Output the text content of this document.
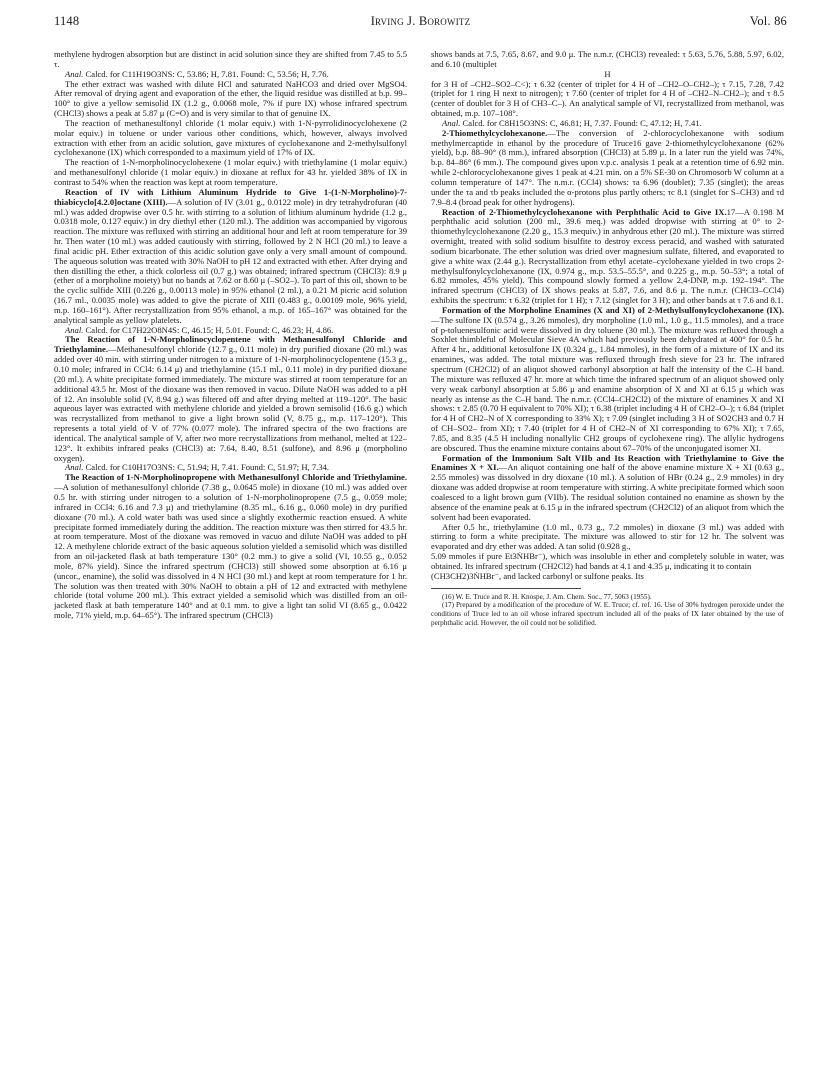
1148	Irving J. Borowitz	Vol. 86

methylene hydrogen absorption but are distinct in acid solution since they are shifted from 7.45 to 5.5 τ.

Anal. Calcd. for C11H19O3NS: C, 53.86; H, 7.81. Found: C, 53.56; H, 7.76.

The ether extract was washed with dilute HCl and saturated NaHCO3 and dried over MgSO4. After removal of drying agent and evaporation of the ether, the liquid residue was distilled at b.p. 99–100° to give a yellow semisolid IX (1.2 g., 0.0068 mole, 7% if pure IX) whose infrared spectrum (CHCl3) shows a peak at 5.87 μ (C=O) and is very similar to that of genuine IX.

The reaction of methanesulfonyl chloride (1 molar equiv.) with 1-N-pyrrolidinocyclohexene (2 molar equiv.) in toluene or under various other conditions, which, however, always involved extraction with ether from an acidic solution, gave mixtures of cyclohexanone and 2-methylsulfonyl cyclohexanone (IX) which corresponded to a maximum yield of 17% of IX.

The reaction of 1-N-morpholinocyclohexene (1 molar equiv.) with triethylamine (1 molar equiv.) and methanesulfonyl chloride (1 molar equiv.) in dioxane at reflux for 43 hr. yielded 38% of IX in contrast to 54% when the reaction was kept at room temperature.

Reaction of IV with Lithium Aluminum Hydride to Give 1-(1-N-Morpholino)-7-thiabicyclo[4.2.0]octane (XIII).—A solution of IV (3.01 g., 0.0122 mole) in dry tetrahydrofuran (40 ml.) was added dropwise over 0.5 hr. with stirring to a solution of lithium aluminum hydride (1.2 g., 0.0318 mole, 0.127 equiv.) in dry diethyl ether (120 ml.). The addition was accompanied by vigorous reaction. The mixture was refluxed with stirring an additional hour and left at room temperature for 39 hr. Then water (10 ml.) was added cautiously with stirring, followed by 2 N HCl (20 ml.) to leave a final acidic pH. Ether extraction of this acidic solution gave only a very small amount of compound. The aqueous solution was treated with 30% NaOH to pH 12 and extracted with ether. After drying and then distilling the ether, a thick colorless oil (0.7 g.) was obtained; infrared spectrum (CHCl3): 8.9 μ (ether of a morpholine moiety) but no bands at 7.62 or 8.60 μ (–SO2–). To part of this oil, shown to be the cyclic sulfide XIII (0.226 g., 0.00113 mole) in 95% ethanol (2 ml.), a 0.21 M picric acid solution (16.7 ml., 0.0035 mole) was added to give the picrate of XIII (0.483 g., 0.00109 mole, 96% yield, m.p. 160–161°). After recrystallization from 95% ethanol, a m.p. of 165–167° was obtained for the analytical sample as yellow platelets.

Anal. Calcd. for C17H22O8N4S: C, 46.15; H, 5.01. Found: C, 46.23; H, 4.86.

The Reaction of 1-N-Morpholinocyclopentene with Methanesulfonyl Chloride and Triethylamine.—Methanesulfonyl chloride (12.7 g., 0.11 mole) in dry purified dioxane (20 ml.) was added over 40 min. with stirring under nitrogen to a mixture of 1-N-morpholinocyclopentene (15.3 g., 0.10 mole; infrared in CCl4: 6.14 μ) and triethylamine (15.1 ml., 0.11 mole) in dry purified dioxane (20 ml.). A white precipitate formed immediately. The mixture was stirred at room temperature for an additional 43.5 hr. Most of the dioxane was then removed in vacuo. Dilute NaOH was added to a pH of 12. An insoluble solid (V, 8.94 g.) was filtered off and after drying melted at 119–120°. The basic aqueous layer was extracted with methylene chloride and yielded a brown semisolid (16.6 g.) which was recrystallized from methanol to give a light brown solid (V, 8.75 g., m.p. 117–120°). This represents a total yield of V of 77% (0.077 mole). The infrared spectra of the two fractions are identical. The analytical sample of V, after two more recrystallizations from methanol, melted at 122–123°. It exhibits infrared peaks (CHCl3) at: 7.64, 8.40, 8.51 (sulfone), and 8.96 μ (morpholino oxygen).

Anal. Calcd. for C10H17O3NS: C, 51.94; H, 7.41. Found: C, 51.97; H, 7.34.

The Reaction of 1-N-Morpholinopropene with Methanesulfonyl Chloride and Triethylamine.—A solution of methanesulfonyl chloride (7.38 g., 0.0645 mole) in dioxane (10 ml.) was added over 0.5 hr. with stirring under nitrogen to a solution of 1-N-morpholinopropene (7.5 g., 0.059 mole; infrared in CCl4: 6.16 and 7.3 μ) and triethylamine (8.35 ml., 6.16 g., 0.060 mole) in dry purified dioxane (70 ml.). A cold water bath was used since a slightly exothermic reaction ensued. A white precipitate formed immediately during the addition. The reaction mixture was then stirred for 43.5 hr. at room temperature. Most of the dioxane was removed in vacuo and dilute NaOH was added to pH 12. A methylene chloride extract of the basic aqueous solution yielded a semisolid which was distilled from an oil-jacketed flask at bath temperature 130° (0.2 mm.) to give a solid (VI, 10.55 g., 0.052 mole, 87% yield). Since the infrared spectrum (CHCl3) still showed some absorption at 6.16 μ (uncor., enamine), the solid was dissolved in 4 N HCl (30 ml.) and kept at room temperature for 1 hr. The solution was then treated with 30% NaOH to obtain a pH of 12 and extracted with methylene chloride (total volume 200 ml.). This extract yielded a semisolid which was distilled from an oil-jacketed flask at bath temperature 140° and at 0.1 mm. to give a light tan solid VI (8.65 g., 0.0422 mole, 71% yield, m.p. 64–65°). The infrared spectrum (CHCl3)

shows bands at 7.5, 7.65, 8.67, and 9.0 μ. The n.m.r. (CHCl3) revealed: τ 5.63, 5.76, 5.88, 5.97, 6.02, and 6.10 (multiplet

H

for 3 H of –CH2–SO2–C<); τ 6.32 (center of triplet for 4 H of –CH2–O–CH2–); τ 7.15, 7.28, 7.42 (triplet for 1 ring H next to nitrogen); τ 7.60 (center of triplet for 4 H of –CH2–N–CH2–); and τ 8.5 (center of doublet for 3 H of CH3–C–). An analytical sample of VI, recrystallized from methanol, was obtained, m.p. 107–108°.

Anal. Calcd. for C8H15O3NS: C, 46.81; H, 7.37. Found: C, 47.12; H, 7.41.

2-Thiomethylcyclohexanone.—The conversion of 2-chlorocyclohexanone with sodium methylmercaptide in ethanol by the procedure of Truce16 gave 2-thiomethylcyclohexanone (62% yield), b.p. 88–90° (8 mm.), infrared absorption (CHCl3) at 5.89 μ. In a later run the yield was 74%, b.p. 84–86° (6 mm.). The compound gives upon v.p.c. analysis 1 peak at a retention time of 6.92 min. while 2-chlorocyclohexanone gives 1 peak at 4.21 min. on a 5% SE-30 on Chromosorb W column at a column temperature of 147°. The n.m.r. (CCl4) shows: τa 6.96 (doublet); 7.35 (singlet); the areas under the τa and τb peaks included the α-protons plus partly others; τc 8.1 (singlet for S–CH3) and τd 7.9–8.4 (broad peak for other hydrogens).

Reaction of 2-Thiomethylcyclohexanone with Perphthalic Acid to Give IX.17—A 0.198 M perphthalic acid solution (200 ml., 39.6 meq.) was added dropwise with stirring at 0° to 2-thiomethylcyclohexanone (2.20 g., 15.3 mequiv.) in anhydrous ether (20 ml.). The mixture was stirred overnight, treated with solid sodium bisulfite to destroy excess peracid, and washed with saturated sodium bicarbonate. The ether solution was dried over magnesium sulfate, filtered, and evaporated to give a white wax (2.44 g.). Recrystallization from ethyl acetate–cyclohexane yielded in two crops 2-methylsulfonylcyclohexanone (IX, 0.974 g., m.p. 53.5–55.5°, and 0.225 g., m.p. 50–53°; a total of 6.82 mmoles, 45% yield). This compound slowly formed a yellow 2,4-DNP, m.p. 192–194°. The infrared spectrum (CHCl3) of IX shows peaks at 5.87, 7.6, and 8.6 μ. The n.m.r. (CHCl3–CCl4) exhibits the spectrum: τ 6.32 (triplet for 1 H); τ 7.12 (singlet for 3 H); and other bands at τ 7.6 and 8.1.

Formation of the Morpholine Enamines (X and XI) of 2-Methylsulfonylcyclohexanone (IX).—The sulfone IX (0.574 g., 3.26 mmoles), dry morpholine (1.0 ml., 1.0 g., 11.5 mmoles), and a trace of p-toluenesulfonic acid were dissolved in dry toluene (30 ml.). The mixture was refluxed through a Soxhlet thimbleful of Molecular Sieve 4A which had previously been dehydrated at 400° for 0.5 hr. After 4 hr., additional ketosulfone IX (0.324 g., 1.84 mmoles), in the form of a mixture of IX and its enamines, was added. The total mixture was refluxed through fresh sieve for 23 hr. The infrared spectrum (CH2Cl2) of an aliquot showed carbonyl absorption at half the intensity of the C–H band. The mixture was refluxed 47 hr. more at which time the infrared spectrum of an aliquot showed only very weak carbonyl absorption at 5.86 μ and enamine absorption of X and XI at 6.15 μ which was nearly as intense as the C–H band. The n.m.r. (CCl4–CH2Cl2) of the mixture of enamines X and XI shows: τ 2.85 (0.70 H equivalent to 70% XI); τ 6.38 (triplet including 4 H of CH2–O–); τ 6.84 (triplet for 4 H of CH2–N of X corresponding to 33% X); τ 7.09 (singlet including 3 H of SO2CH3 and 0.7 H of CH–SO2– from XI); τ 7.40 (triplet for 4 H of CH2–N of XI corresponding to 67% XI); τ 7.65, 7.85, and 8.35 (4.5 H including nonallylic CH2 groups of cyclohexene ring). The allylic hydrogens are obscured. Thus the enamine mixture contains about 67–70% of the unconjugated isomer XI.

Formation of the Immonium Salt VIIb and Its Reaction with Triethylamine to Give the Enamines X + XI.—An aliquot containing one half of the above enamine mixture X + XI (0.63 g., 2.55 mmoles) was dissolved in dry dioxane (10 ml.). A solution of HBr (0.24 g., 2.9 mmoles) in dry dioxane was added dropwise at room temperature with stirring. A white precipitate formed which soon coalesced to a light brown gum (VIIb). The residual solution contained no enamine as shown by the absence of the enamine peak at 6.15 μ in the infrared spectrum (CH2Cl2) of an aliquot from which the solvent had been evaporated.

After 0.5 hr., triethylamine (1.0 ml., 0.73 g., 7.2 mmoles) in dioxane (3 ml.) was added with stirring to form a white precipitate. The mixture was allowed to stir for 12 hr. The solvent was evaporated and dry ether was added. A tan solid (0.928 g.,

5.09 mmoles if pure Et3ṄHBr⁻), which was insoluble in ether and completely soluble in water, was obtained. Its infrared spectrum (CH2Cl2) had bands at 4.1 and 4.35 μ, indicating it to contain

(CH3CH2)3ṄHBr⁻, and lacked carbonyl or sulfone peaks. Its

(16) W. E. Truce and R. H. Knospe, J. Am. Chem. Soc., 77, 5063 (1955).

(17) Prepared by a modification of the procedure of W. E. Truce; cf. ref. 16. Use of 30% hydrogen peroxide under the conditions of Truce led to an oil whose infrared spectrum included all of the peaks of IX later obtained by the use of perphthalic acid. However, the oil could not be solidified.
